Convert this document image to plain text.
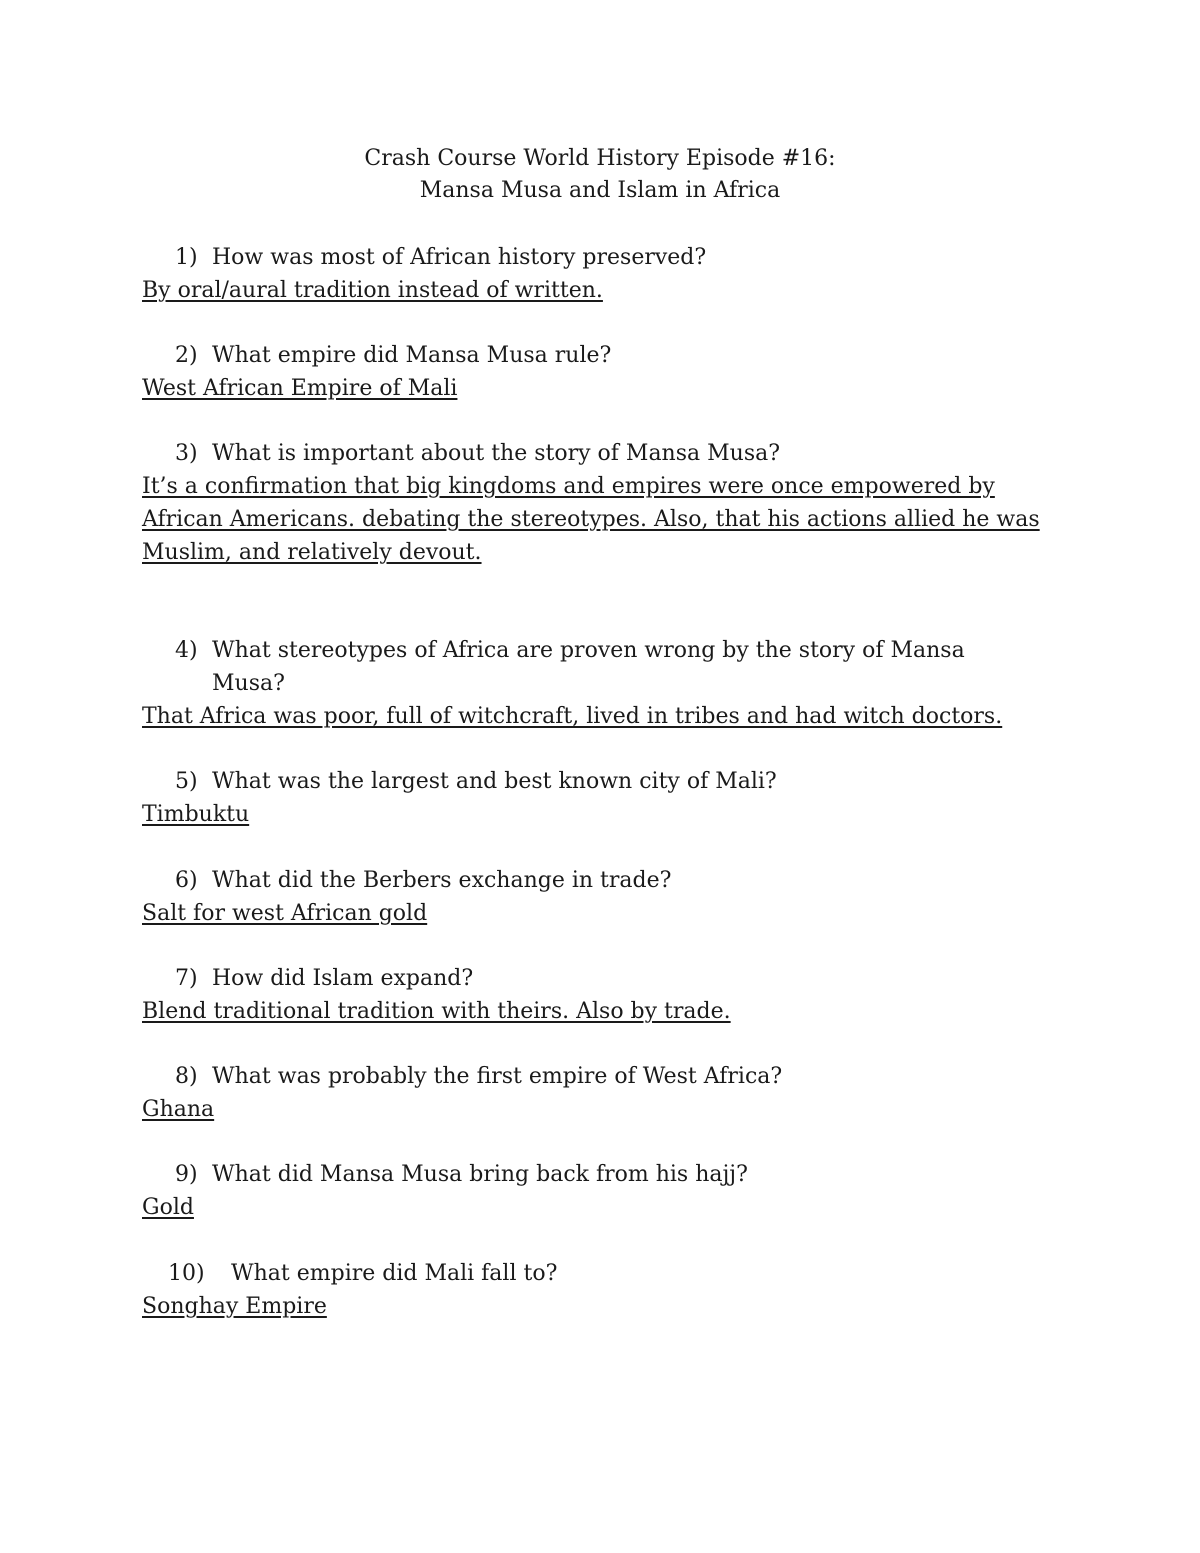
Crash Course World History Episode #16:
Mansa Musa and Islam in Africa
1) How was most of African history preserved?
By oral/aural tradition instead of written.
2) What empire did Mansa Musa rule?
West African Empire of Mali
3) What is important about the story of Mansa Musa?
It’s a confirmation that big kingdoms and empires were once empowered by
African Americans. debating the stereotypes. Also, that his actions allied he was
Muslim, and relatively devout.
4) What stereotypes of Africa are proven wrong by the story of Mansa
Musa?
That Africa was poor, full of witchcraft, lived in tribes and had witch doctors.
5) What was the largest and best known city of Mali?
Timbuktu
6) What did the Berbers exchange in trade?
Salt for west African gold
7) How did Islam expand?
Blend traditional tradition with theirs. Also by trade.
8) What was probably the first empire of West Africa?
Ghana
9) What did Mansa Musa bring back from his hajj?
Gold
10) What empire did Mali fall to?
Songhay Empire
